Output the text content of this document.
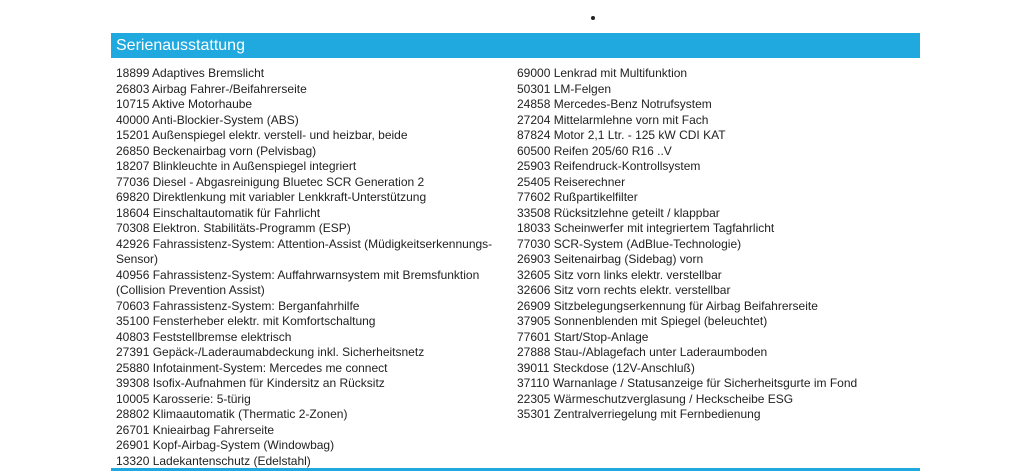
Serienausstattung
18899 Adaptives Bremslicht
26803 Airbag Fahrer-/Beifahrerseite
10715 Aktive Motorhaube
40000 Anti-Blockier-System (ABS)
15201 Außenspiegel elektr. verstell- und heizbar, beide
26850 Beckenairbag vorn (Pelvisbag)
18207 Blinkleuchte in Außenspiegel integriert
77036 Diesel - Abgasreinigung Bluetec SCR Generation 2
69820 Direktlenkung mit variabler Lenkkraft-Unterstützung
18604 Einschaltautomatik für Fahrlicht
70308 Elektron. Stabilitäts-Programm (ESP)
42926 Fahrassistenz-System: Attention-Assist (Müdigkeitserkennungs-Sensor)
40956 Fahrassistenz-System: Auffahrwarnsystem mit Bremsfunktion (Collision Prevention Assist)
70603 Fahrassistenz-System: Berganfahrhilfe
35100 Fensterheber elektr. mit Komfortschaltung
40803 Feststellbremse elektrisch
27391 Gepäck-/Laderaumabdeckung inkl. Sicherheitsnetz
25880 Infotainment-System: Mercedes me connect
39308 Isofix-Aufnahmen für Kindersitz an Rücksitz
10005 Karosserie: 5-türig
28802 Klimaautomatik (Thermatic 2-Zonen)
26701 Knieairbag Fahrerseite
26901 Kopf-Airbag-System (Windowbag)
13320 Ladekantenschutz (Edelstahl)
69000 Lenkrad mit Multifunktion
50301 LM-Felgen
24858 Mercedes-Benz Notrufsystem
27204 Mittelarmlehne vorn mit Fach
87824 Motor 2,1 Ltr. - 125 kW CDI KAT
60500 Reifen 205/60 R16 ..V
25903 Reifendruck-Kontrollsystem
25405 Reiserechner
77602 Rußpartikelfilter
33508 Rücksitzlehne geteilt / klappbar
18033 Scheinwerfer mit integriertem Tagfahrlicht
77030 SCR-System (AdBlue-Technologie)
26903 Seitenairbag (Sidebag) vorn
32605 Sitz vorn links elektr. verstellbar
32606 Sitz vorn rechts elektr. verstellbar
26909 Sitzbelegungserkennung für Airbag Beifahrerseite
37905 Sonnenblenden mit Spiegel (beleuchtet)
77601 Start/Stop-Anlage
27888 Stau-/Ablagefach unter Laderaumboden
39011 Steckdose (12V-Anschluß)
37110 Warnanlage / Statusanzeige für Sicherheitsgurte im Fond
22305 Wärmeschutzverglasung / Heckscheibe ESG
35301 Zentralverriegelung mit Fernbedienung
